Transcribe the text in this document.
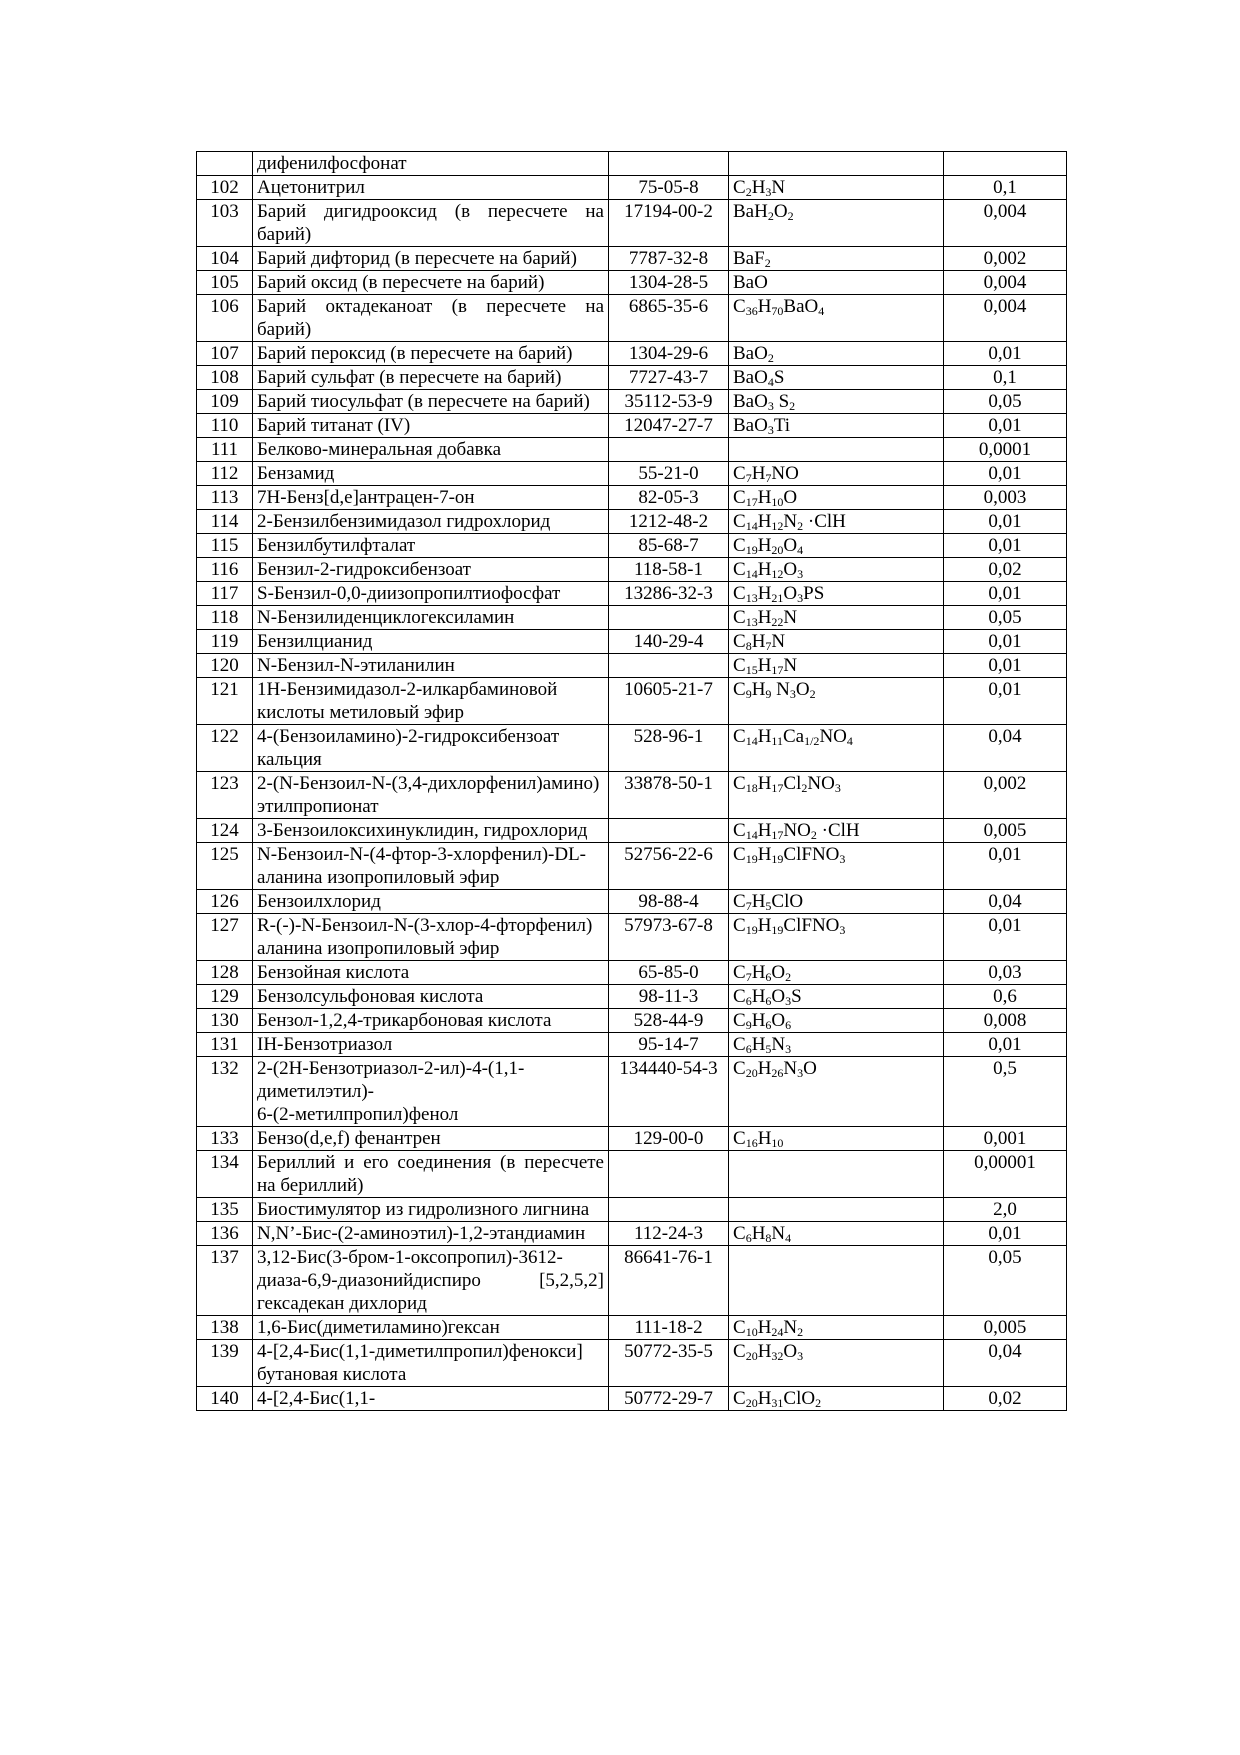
	дифенилфосфонат			
102	Ацетонитрил	75-05-8	$C_2H_3N$	0,1
103	Барий дигидрооксид (в пересчете на барий)	17194-00-2	$BaH_2O_2$	0,004
104	Барий дифторид (в пересчете на барий)	7787-32-8	BaF$_2$	0,002
105	Барий оксид (в пересчете на барий)	1304-28-5	BaO	0,004
106	Барий октадеканоат (в пересчете на барий)	6865-35-6	$C_{36}H_{70}BaO_4$	0,004
107	Барий пероксид (в пересчете на барий)	1304-29-6	BaO$_2$	0,01
108	Барий сульфат (в пересчете на барий)	7727-43-7	BaO$_4$S	0,1
109	Барий тиосульфат (в пересчете на барий)	35112-53-9	BaO$_3$ $S_2$	0,05
110	Барий титанат (IV)	12047-27-7	BaO$_3$Ti	0,01
111	Белково-минеральная добавка			0,0001
112	Бензамид	55-21-0	$C_7H_7NO$	0,01
113	7H-Бенз[d,e]антрацен-7-он	82-05-3	$C_{17}H_{10}O$	0,003
114	2-Бензилбензимидазол гидрохлорид	1212-48-2	$C_{14}H_{12}N_2 \cdot ClH$	0,01
115	Бензилбутилфталат	85-68-7	$C_{19}H_{20}O_4$	0,01
116	Бензил-2-гидроксибензоат	118-58-1	$C_{14}H_{12}O_3$	0,02
117	S-Бензил-0,0-диизопропилтиофосфат	13286-32-3	$C_{13}H_{21}O_3PS$	0,01
118	N-Бензилиденциклогексиламин		$C_{13}H_{22}N$	0,05
119	Бензилцианид	140-29-4	$C_8H_7N$	0,01
120	N-Бензил-N-этиланилин		$C_{15}H_{17}N$	0,01
121	1H-Бензимидазол-2-илкарбаминовой кислоты метиловый эфир	10605-21-7	$C_9H_9$ $N_3O_2$	0,01
122	4-(Бензоиламино)-2-гидроксибензоат кальция	528-96-1	$C_{14}H_{11}Ca_{1/2}NO_4$	0,04
123	2-(N-Бензоил-N-(3,4-дихлорфенил)амино) этилпропионат	33878-50-1	$C_{18}H_{17}Cl_2NO_3$	0,002
124	3-Бензоилоксихинуклидин, гидрохлорид		$C_{14}H_{17}NO_2 \cdot ClH$	0,005
125	N-Бензоил-N-(4-фтор-3-хлорфенил)-DL-аланина изопропиловый эфир	52756-22-6	$C_{19}H_{19}ClFNO_3$	0,01
126	Бензоилхлорид	98-88-4	$C_7H_5ClO$	0,04
127	R-(-)-N-Бензоил-N-(3-хлор-4-фторфенил) аланина изопропиловый эфир	57973-67-8	$C_{19}H_{19}ClFNO_3$	0,01
128	Бензойная кислота	65-85-0	$C_7H_6O_2$	0,03
129	Бензолсульфоновая кислота	98-11-3	$C_6H_6O_3S$	0,6
130	Бензол-1,2,4-трикарбоновая кислота	528-44-9	$C_9H_6O_6$	0,008
131	IH-Бензотриазол	95-14-7	$C_6H_5N_3$	0,01
132	2-(2H-Бензотриазол-2-ил)-4-(1,1-диметилэтил)-
6-(2-метилпропил)фенол	134440-54-3	$C_{20}H_{26}N_3O$	0,5
133	Бензо(d,e,f) фенантрен	129-00-0	$C_{16}H_{10}$	0,001
134	Бериллий и его соединения (в пересчете на бериллий)			0,00001
135	Биостимулятор из гидролизного лигнина			2,0
136	N,N’-Бис-(2-аминоэтил)-1,2-этандиамин	112-24-3	$C_6H_8N_4$	0,01
137	3,12-Бис(3-бром-1-оксопропил)-3612-диаза-6,9-диазонийдиспиро [5,2,5,2] гексадекан дихлорид	86641-76-1		0,05
138	1,6-Бис(диметиламино)гексан	111-18-2	$C_{10}H_{24}N_2$	0,005
139	4-[2,4-Бис(1,1-диметилпропил)фенокси]
бутановая кислота	50772-35-5	$C_{20}H_{32}O_3$	0,04
140	4-[2,4-Бис(1,1-	50772-29-7	$C_{20}H_{31}ClO_2$	0,02
